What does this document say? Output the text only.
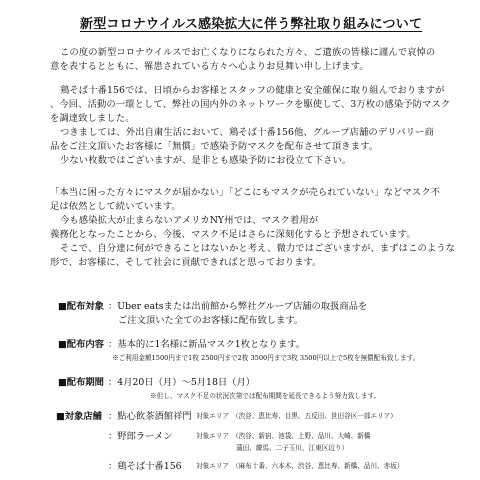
新型コロナウイルス感染拡大に伴う弊社取り組みについて
この度の新型コロナウイルスでお亡くなりになられた方々、ご遺族の皆様に謹んで哀悼の
意を表するとともに、罹患されている方々へ心よりお見舞い申し上げます。
鶏そば十番156では、日頃からお客様とスタッフの健康と安全確保に取り組んでおりますが
、今回、活動の一環として、弊社の国内外のネットワークを駆使して、3万枚の感染予防マスク
を調達致しました。
つきましては、外出自粛生活において、鶏そば十番156他、グループ店舗のデリバリー商
品をご注文頂いたお客様に「無償」で感染予防マスクを配布させて頂きます。
少ない枚数ではございますが、是非とも感染予防にお役立て下さい。
「本当に困った方々にマスクが届かない」「どこにもマスクが売られていない」などマスク不
足は依然として続いています。
今も感染拡大が止まらないアメリカNY州では、マスク着用が
義務化となったことから、今後、マスク不足はさらに深刻化すると予想されています。
そこで、自分達に何ができることはないかと考え、微力ではございますが、まずはこのような
形で、お客様に、そして社会に貢献できればと思っております。
■配布対象 ：Uber eatsまたは出前館から弊社グループ店舗の取扱商品を
ご注文頂いた全てのお客様に配布致します。
■配布内容 ：基本的に1名様に新品マスク1枚となります。
※ご利用金額1500円まで1枚 2500円まで2枚 3500円まで3枚 3500円以上で5枚を無償配布致します。
■配布期間 ：4月20日（月）～5月18日（月）
※但し、マスク不足の状況次第では配布期間を延長できるよう努力致します。
■対象店舗 ：點心飲茶酒館祥門 対象エリア （渋谷、恵比寿、目黒、五反田、世田谷区一部エリア）
：野郎ラーメン	対象エリア （渋谷、新宿、池袋、上野、品川、大崎、新橋
蒲田、練馬、二子玉川、江東区辺り）
：鶏そば十番156 対象エリア （麻布十番、六本木、渋谷、恵比寿、新橋、品川、赤坂）
